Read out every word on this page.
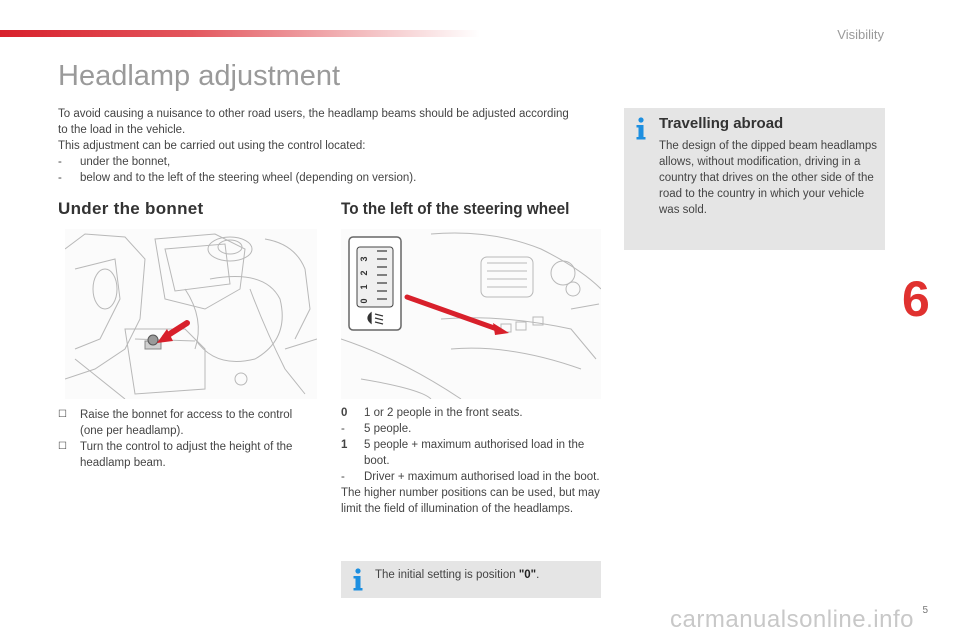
Visibility
6
Headlamp adjustment

To avoid causing a nuisance to other road users, the headlamp beams should be adjusted according to the load in the vehicle.

This adjustment can be carried out using the control located:

-	under the bonnet,
-	below and to the left of the steering wheel (depending on version).
Under the bonnet	To the left of the steering wheel
3
2
1
0
☐	Raise the bonnet for access to the control (one per headlamp).
☐	Turn the control to adjust the height of the headlamp beam.
0	1 or 2 people in the front seats.
-	5 people.
1	5 people + maximum authorised load in the boot.
-	Driver + maximum authorised load in the boot.
The higher number positions can be used, but may limit the field of illumination of the headlamps.
The initial setting is position "0".
Travelling abroad
The design of the dipped beam headlamps allows, without modification, driving in a country that drives on the other side of the road to the country in which your vehicle was sold.
carmanualsonline.info 5
